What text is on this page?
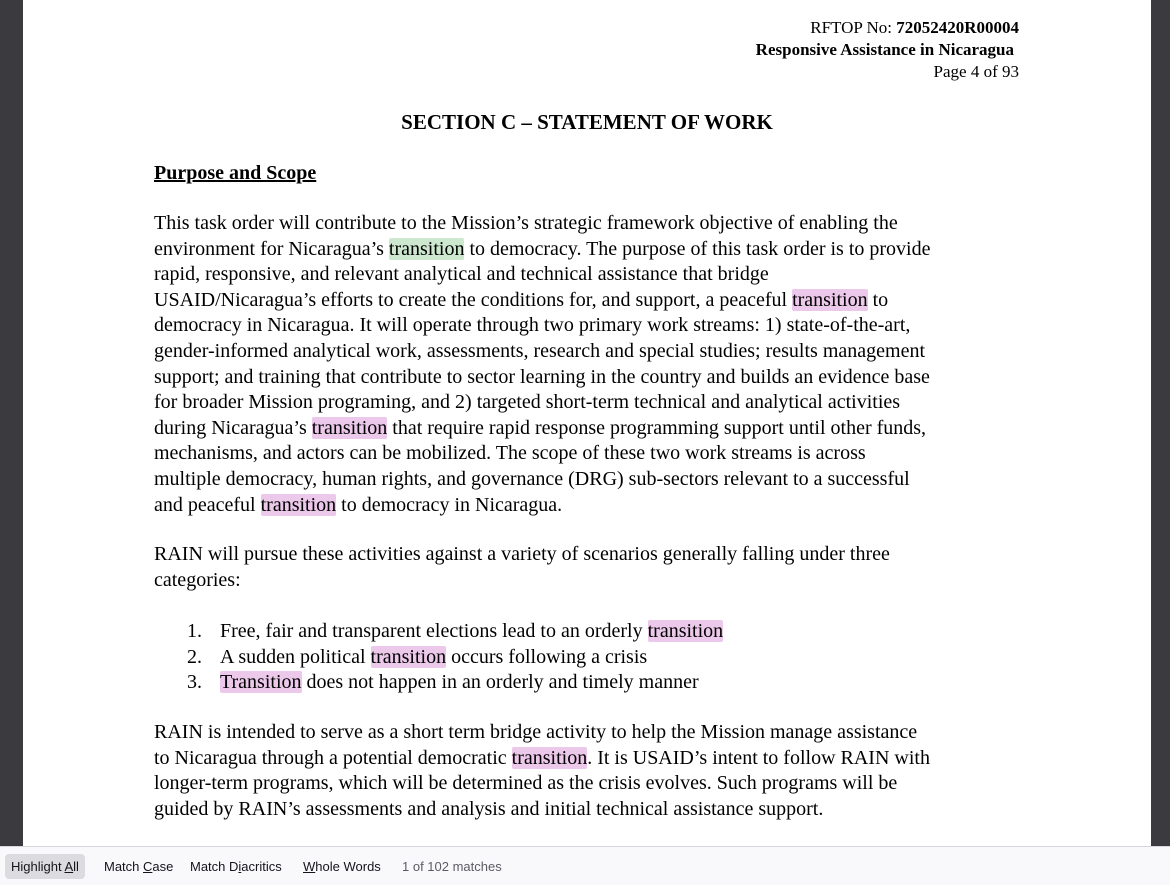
RFTOP No: 72052420R00004
Responsive Assistance in Nicaragua
Page 4 of 93
SECTION C – STATEMENT OF WORK
Purpose and Scope
This task order will contribute to the Mission’s strategic framework objective of enabling the
environment for Nicaragua’s transition to democracy. The purpose of this task order is to provide
rapid, responsive, and relevant analytical and technical assistance that bridge
USAID/Nicaragua’s efforts to create the conditions for, and support, a peaceful transition to
democracy in Nicaragua. It will operate through two primary work streams: 1) state-of-the-art,
gender-informed analytical work, assessments, research and special studies; results management
support; and training that contribute to sector learning in the country and builds an evidence base
for broader Mission programing, and 2) targeted short-term technical and analytical activities
during Nicaragua’s transition that require rapid response programming support until other funds,
mechanisms, and actors can be mobilized. The scope of these two work streams is across
multiple democracy, human rights, and governance (DRG) sub-sectors relevant to a successful
and peaceful transition to democracy in Nicaragua.
RAIN will pursue these activities against a variety of scenarios generally falling under three
categories:
1. Free, fair and transparent elections lead to an orderly transition
2. A sudden political transition occurs following a crisis
3. Transition does not happen in an orderly and timely manner
RAIN is intended to serve as a short term bridge activity to help the Mission manage assistance
to Nicaragua through a potential democratic transition. It is USAID’s intent to follow RAIN with
longer-term programs, which will be determined as the crisis evolves. Such programs will be
guided by RAIN’s assessments and analysis and initial technical assistance support.
Highlight All	Match Case	Match Diacritics	Whole Words	1 of 102 matches
